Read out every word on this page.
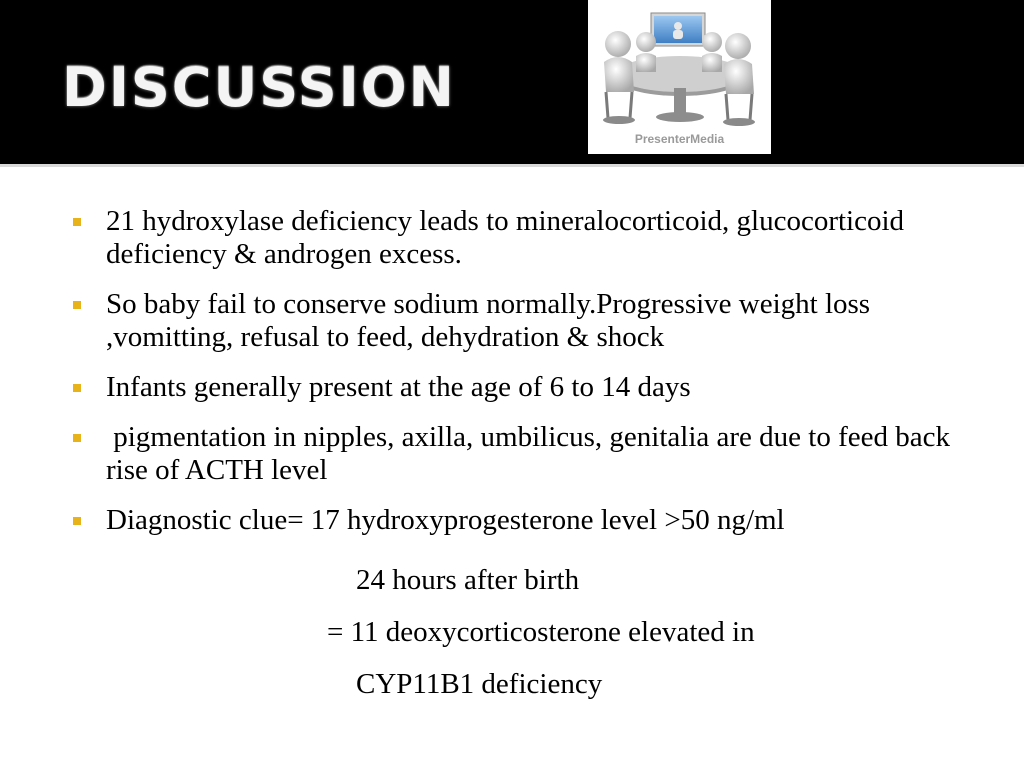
DISCUSSION
PresenterMedia
21 hydroxylase deficiency leads to mineralocorticoid, glucocorticoid deficiency & androgen excess.
So baby fail to conserve sodium normally.Progressive weight loss ,vomitting, refusal to feed, dehydration & shock
Infants generally present at the age of 6 to 14 days
pigmentation in nipples, axilla, umbilicus, genitalia are due to feed back rise of ACTH level
Diagnostic clue= 17 hydroxyprogesterone level >50 ng/ml
24 hours after birth
= 11 deoxycorticosterone elevated in
CYP11B1 deficiency
